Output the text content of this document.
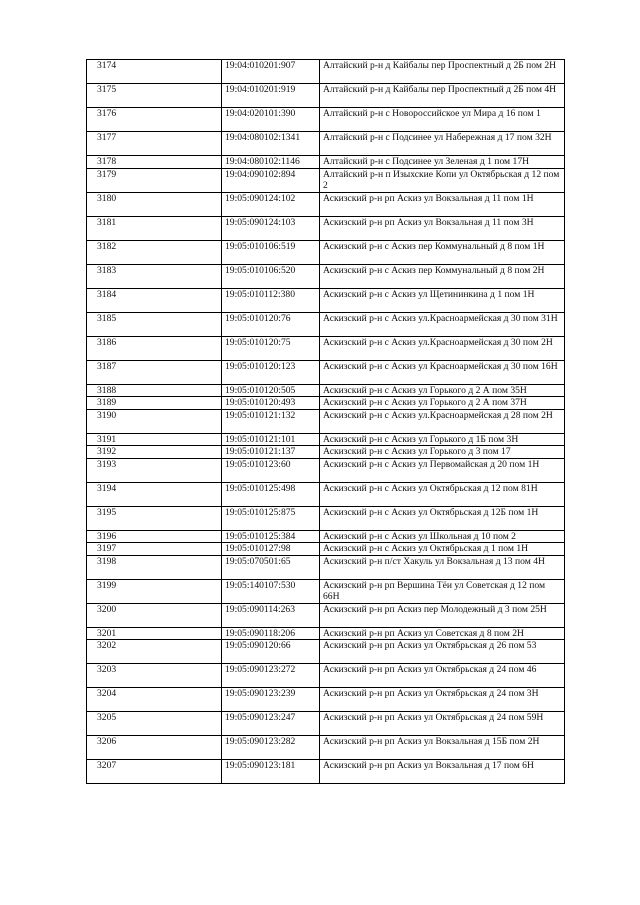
3174	19:04:010201:907	Алтайский р-н д Кайбалы пер Проспектный д 2Б пом 2Н
3175	19:04:010201:919	Алтайский р-н д Кайбалы пер Проспектный д 2Б пом 4Н
3176	19:04:020101:390	Алтайский р-н с Новороссийское ул Мира д 16 пом 1
3177	19:04:080102:1341	Алтайский р-н с Подсинее ул Набережная д 17 пом 32Н
3178	19:04:080102:1146	Алтайский р-н с Подсинее ул Зеленая д 1 пом 17Н
3179	19:04:090102:894	Алтайский р-н п Изыхские Копи ул Октябрьская д 12 пом 2
3180	19:05:090124:102	Аскизский р-н рп Аскиз ул Вокзальная д 11 пом 1Н
3181	19:05:090124:103	Аскизский р-н рп Аскиз ул Вокзальная д 11 пом 3Н
3182	19:05:010106:519	Аскизский р-н с Аскиз пер Коммунальный д 8 пом 1Н
3183	19:05:010106:520	Аскизский р-н с Аскиз пер Коммунальный д 8 пом 2Н
3184	19:05:010112:380	Аскизский р-н с Аскиз ул Щетининкина д 1 пом 1Н
3185	19:05:010120:76	Аскизский р-н с Аскиз ул.Красноармейская д 30 пом 31Н
3186	19:05:010120:75	Аскизский р-н с Аскиз ул.Красноармейская д 30 пом 2Н
3187	19:05:010120:123	Аскизский р-н с Аскиз ул Красноармейская д 30 пом 16Н
3188	19:05:010120:505	Аскизский р-н с Аскиз ул Горького д 2 А пом 35Н
3189	19:05:010120:493	Аскизский р-н с Аскиз ул Горького д 2 А пом 37Н
3190	19:05:010121:132	Аскизский р-н с Аскиз ул.Красноармейская д 28 пом 2Н
3191	19:05:010121:101	Аскизский р-н с Аскиз ул Горького д 1Б пом 3Н
3192	19:05:010121:137	Аскизский р-н с Аскиз ул Горького д 3 пом 17
3193	19:05:010123:60	Аскизский р-н с Аскиз ул Первомайская д 20 пом 1Н
3194	19:05:010125:498	Аскизский р-н с Аскиз ул Октябрьская д 12 пом 81Н
3195	19:05:010125:875	Аскизский р-н с Аскиз ул Октябрьская д 12Б пом 1Н
3196	19:05:010125:384	Аскизский р-н с Аскиз ул Школьная д 10 пом 2
3197	19:05:010127:98	Аскизский р-н с Аскиз ул Октябрьская д 1 пом 1Н
3198	19:05:070501:65	Аскизский р-н п/ст Хакуль ул Вокзальная д 13 пом 4Н
3199	19:05:140107:530	Аскизский р-н рп Вершина Тёи ул Советская д 12 пом 66Н
3200	19:05:090114:263	Аскизский р-н рп Аскиз пер Молодежный д 3 пом 25Н
3201	19:05:090118:206	Аскизский р-н рп Аскиз ул Советская д 8 пом 2Н
3202	19:05:090120:66	Аскизский р-н рп Аскиз ул Октябрьская д 26 пом 53
3203	19:05:090123:272	Аскизский р-н рп Аскиз ул Октябрьская д 24 пом 46
3204	19:05:090123:239	Аскизский р-н рп Аскиз ул Октябрьская д 24 пом 3Н
3205	19:05:090123:247	Аскизский р-н рп Аскиз ул Октябрьская д 24 пом 59Н
3206	19:05:090123:282	Аскизский р-н рп Аскиз ул Вокзальная д 15Б пом 2Н
3207	19:05:090123:181	Аскизский р-н рп Аскиз ул Вокзальная д 17 пом 6Н
